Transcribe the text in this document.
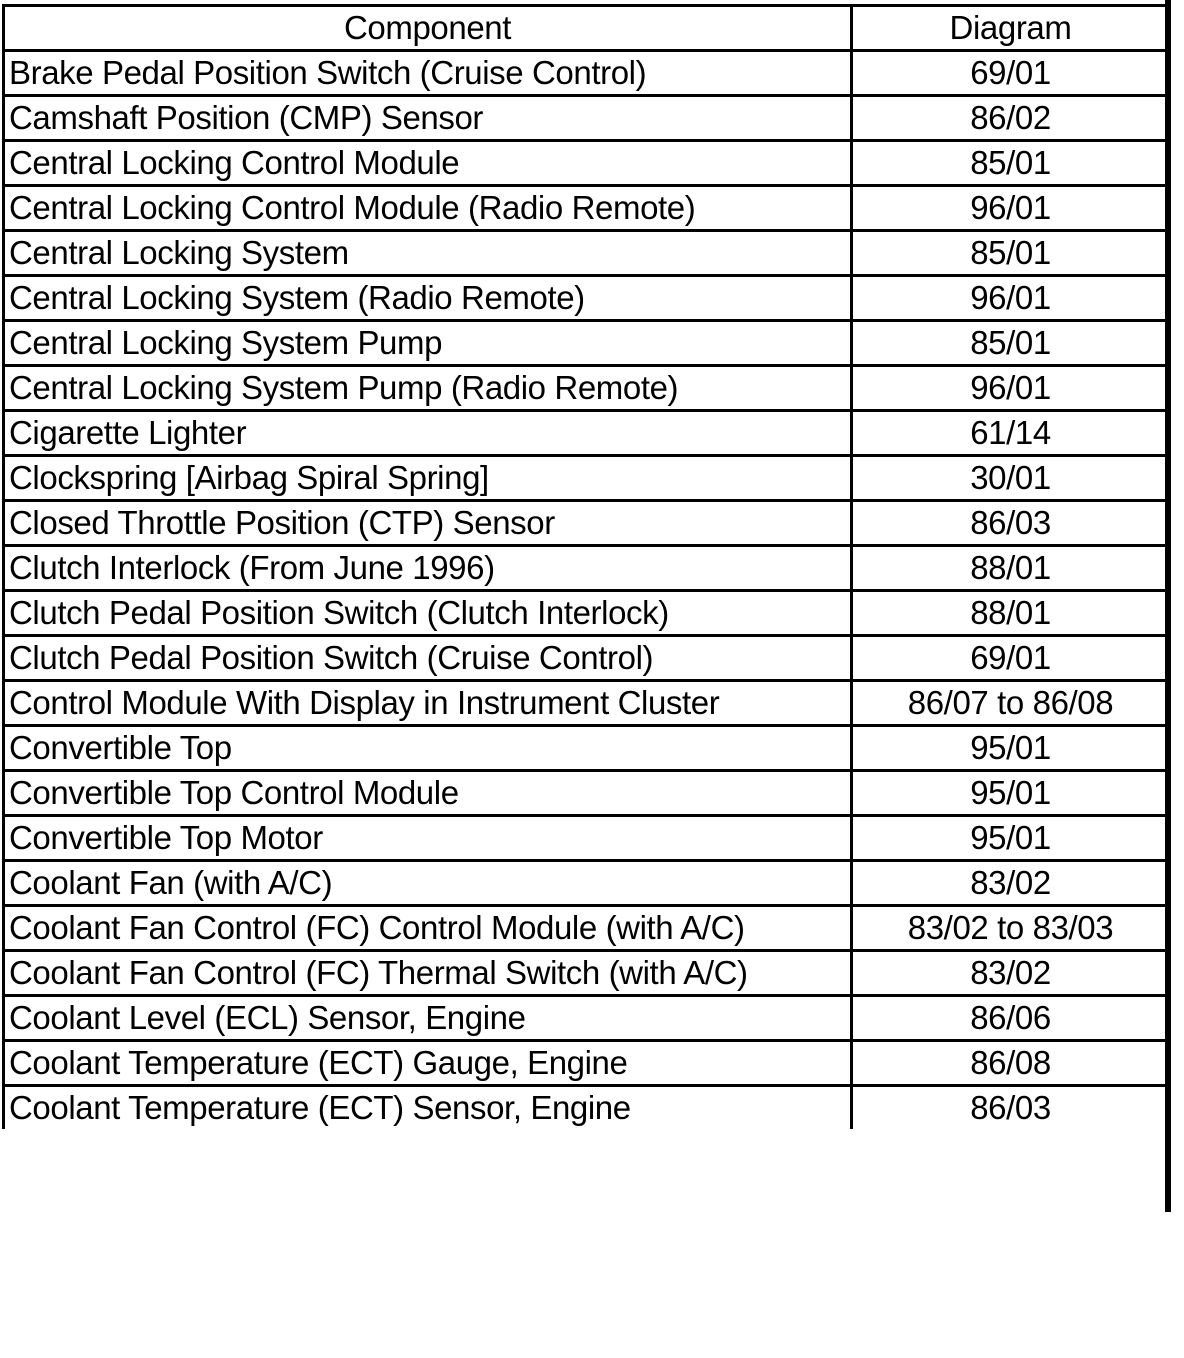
Component	Diagram
Brake Pedal Position Switch (Cruise Control)	69/01
Camshaft Position (CMP) Sensor	86/02
Central Locking Control Module	85/01
Central Locking Control Module (Radio Remote)	96/01
Central Locking System	85/01
Central Locking System (Radio Remote)	96/01
Central Locking System Pump	85/01
Central Locking System Pump (Radio Remote)	96/01
Cigarette Lighter	61/14
Clockspring [Airbag Spiral Spring]	30/01
Closed Throttle Position (CTP) Sensor	86/03
Clutch Interlock (From June 1996)	88/01
Clutch Pedal Position Switch (Clutch Interlock)	88/01
Clutch Pedal Position Switch (Cruise Control)	69/01
Control Module With Display in Instrument Cluster	86/07 to 86/08
Convertible Top	95/01
Convertible Top Control Module	95/01
Convertible Top Motor	95/01
Coolant Fan (with A/C)	83/02
Coolant Fan Control (FC) Control Module (with A/C)	83/02 to 83/03
Coolant Fan Control (FC) Thermal Switch (with A/C)	83/02
Coolant Level (ECL) Sensor, Engine	86/06
Coolant Temperature (ECT) Gauge, Engine	86/08
Coolant Temperature (ECT) Sensor, Engine	86/03
